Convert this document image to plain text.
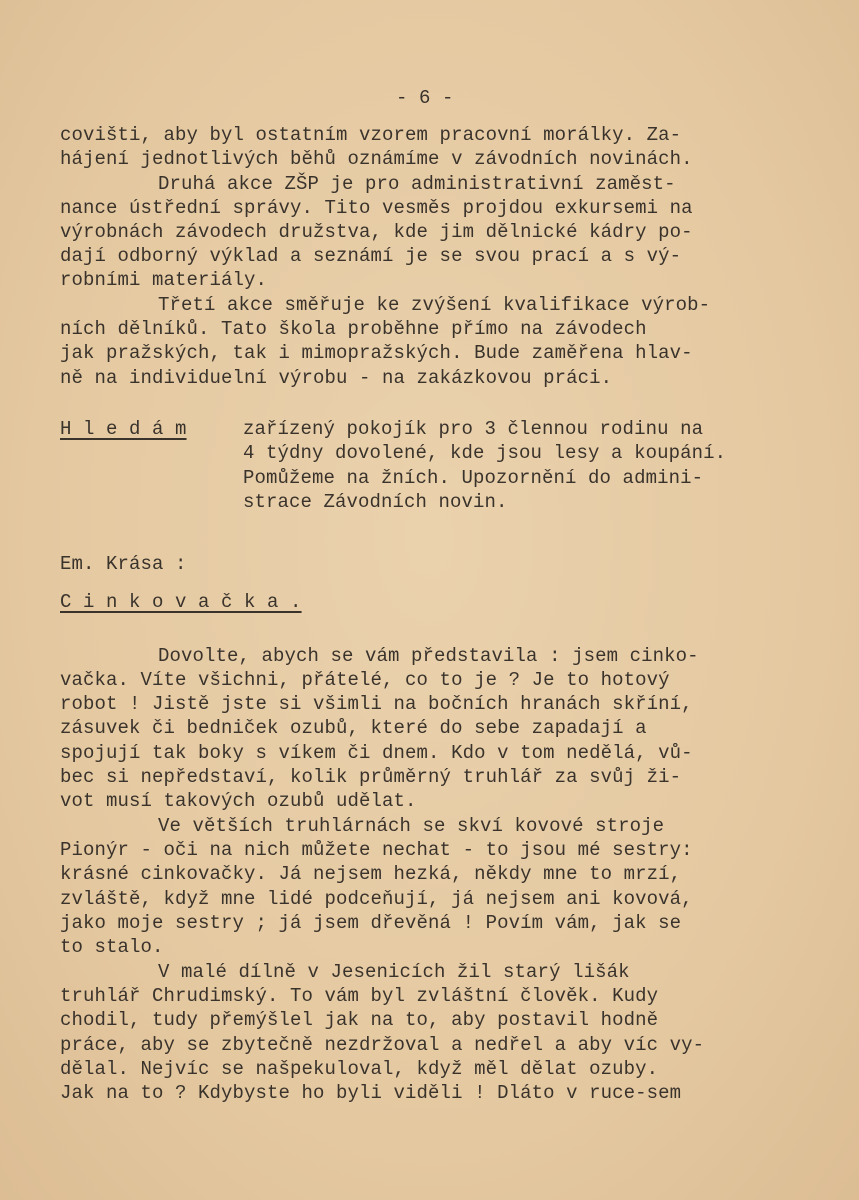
- 6 -
covišti, aby byl ostatním vzorem pracovní morálky. Za-
hájení jednotlivých běhů oznámíme v závodních novinách.
Druhá akce ZŠP je pro administrativní zaměst-
nance ústřední správy. Tito vesměs projdou exkursemi na
výrobnách závodech družstva, kde jim dělnické kádry po-
dají odborný výklad a seznámí je se svou prací a s vý-
robními materiály.
Třetí akce směřuje ke zvýšení kvalifikace výrob-
ních dělníků. Tato škola proběhne přímo na závodech
jak pražských, tak i mimopražských. Bude zaměřena hlav-
ně na individuelní výrobu - na zakázkovou práci.
H l e d á m	zařízený pokojík pro 3 člennou rodinu na
4 týdny dovolené, kde jsou lesy a koupání.
Pomůžeme na žních. Upozornění do admini-
strace Závodních novin.
Em. Krása :
C i n k o v a č k a .
Dovolte, abych se vám představila : jsem cinko-
vačka. Víte všichni, přátelé, co to je ? Je to hotový
robot ! Jistě jste si všimli na bočních hranách skříní,
zásuvek či bedniček ozubů, které do sebe zapadají a
spojují tak boky s víkem či dnem. Kdo v tom nedělá, vů-
bec si nepředstaví, kolik průměrný truhlář za svůj ži-
vot musí takových ozubů udělat.
Ve větších truhlárnách se skví kovové stroje
Pionýr - oči na nich můžete nechat - to jsou mé sestry:
krásné cinkovačky. Já nejsem hezká, někdy mne to mrzí,
zvláště, když mne lidé podceňují, já nejsem ani kovová,
jako moje sestry ; já jsem dřevěná ! Povím vám, jak se
to stalo.
V malé dílně v Jesenicích žil starý lišák
truhlář Chrudimský. To vám byl zvláštní člověk. Kudy
chodil, tudy přemýšlel jak na to, aby postavil hodně
práce, aby se zbytečně nezdržoval a nedřel a aby víc vy-
dělal. Nejvíc se našpekuloval, když měl dělat ozuby.
Jak na to ? Kdybyste ho byli viděli ! Dláto v ruce-sem
